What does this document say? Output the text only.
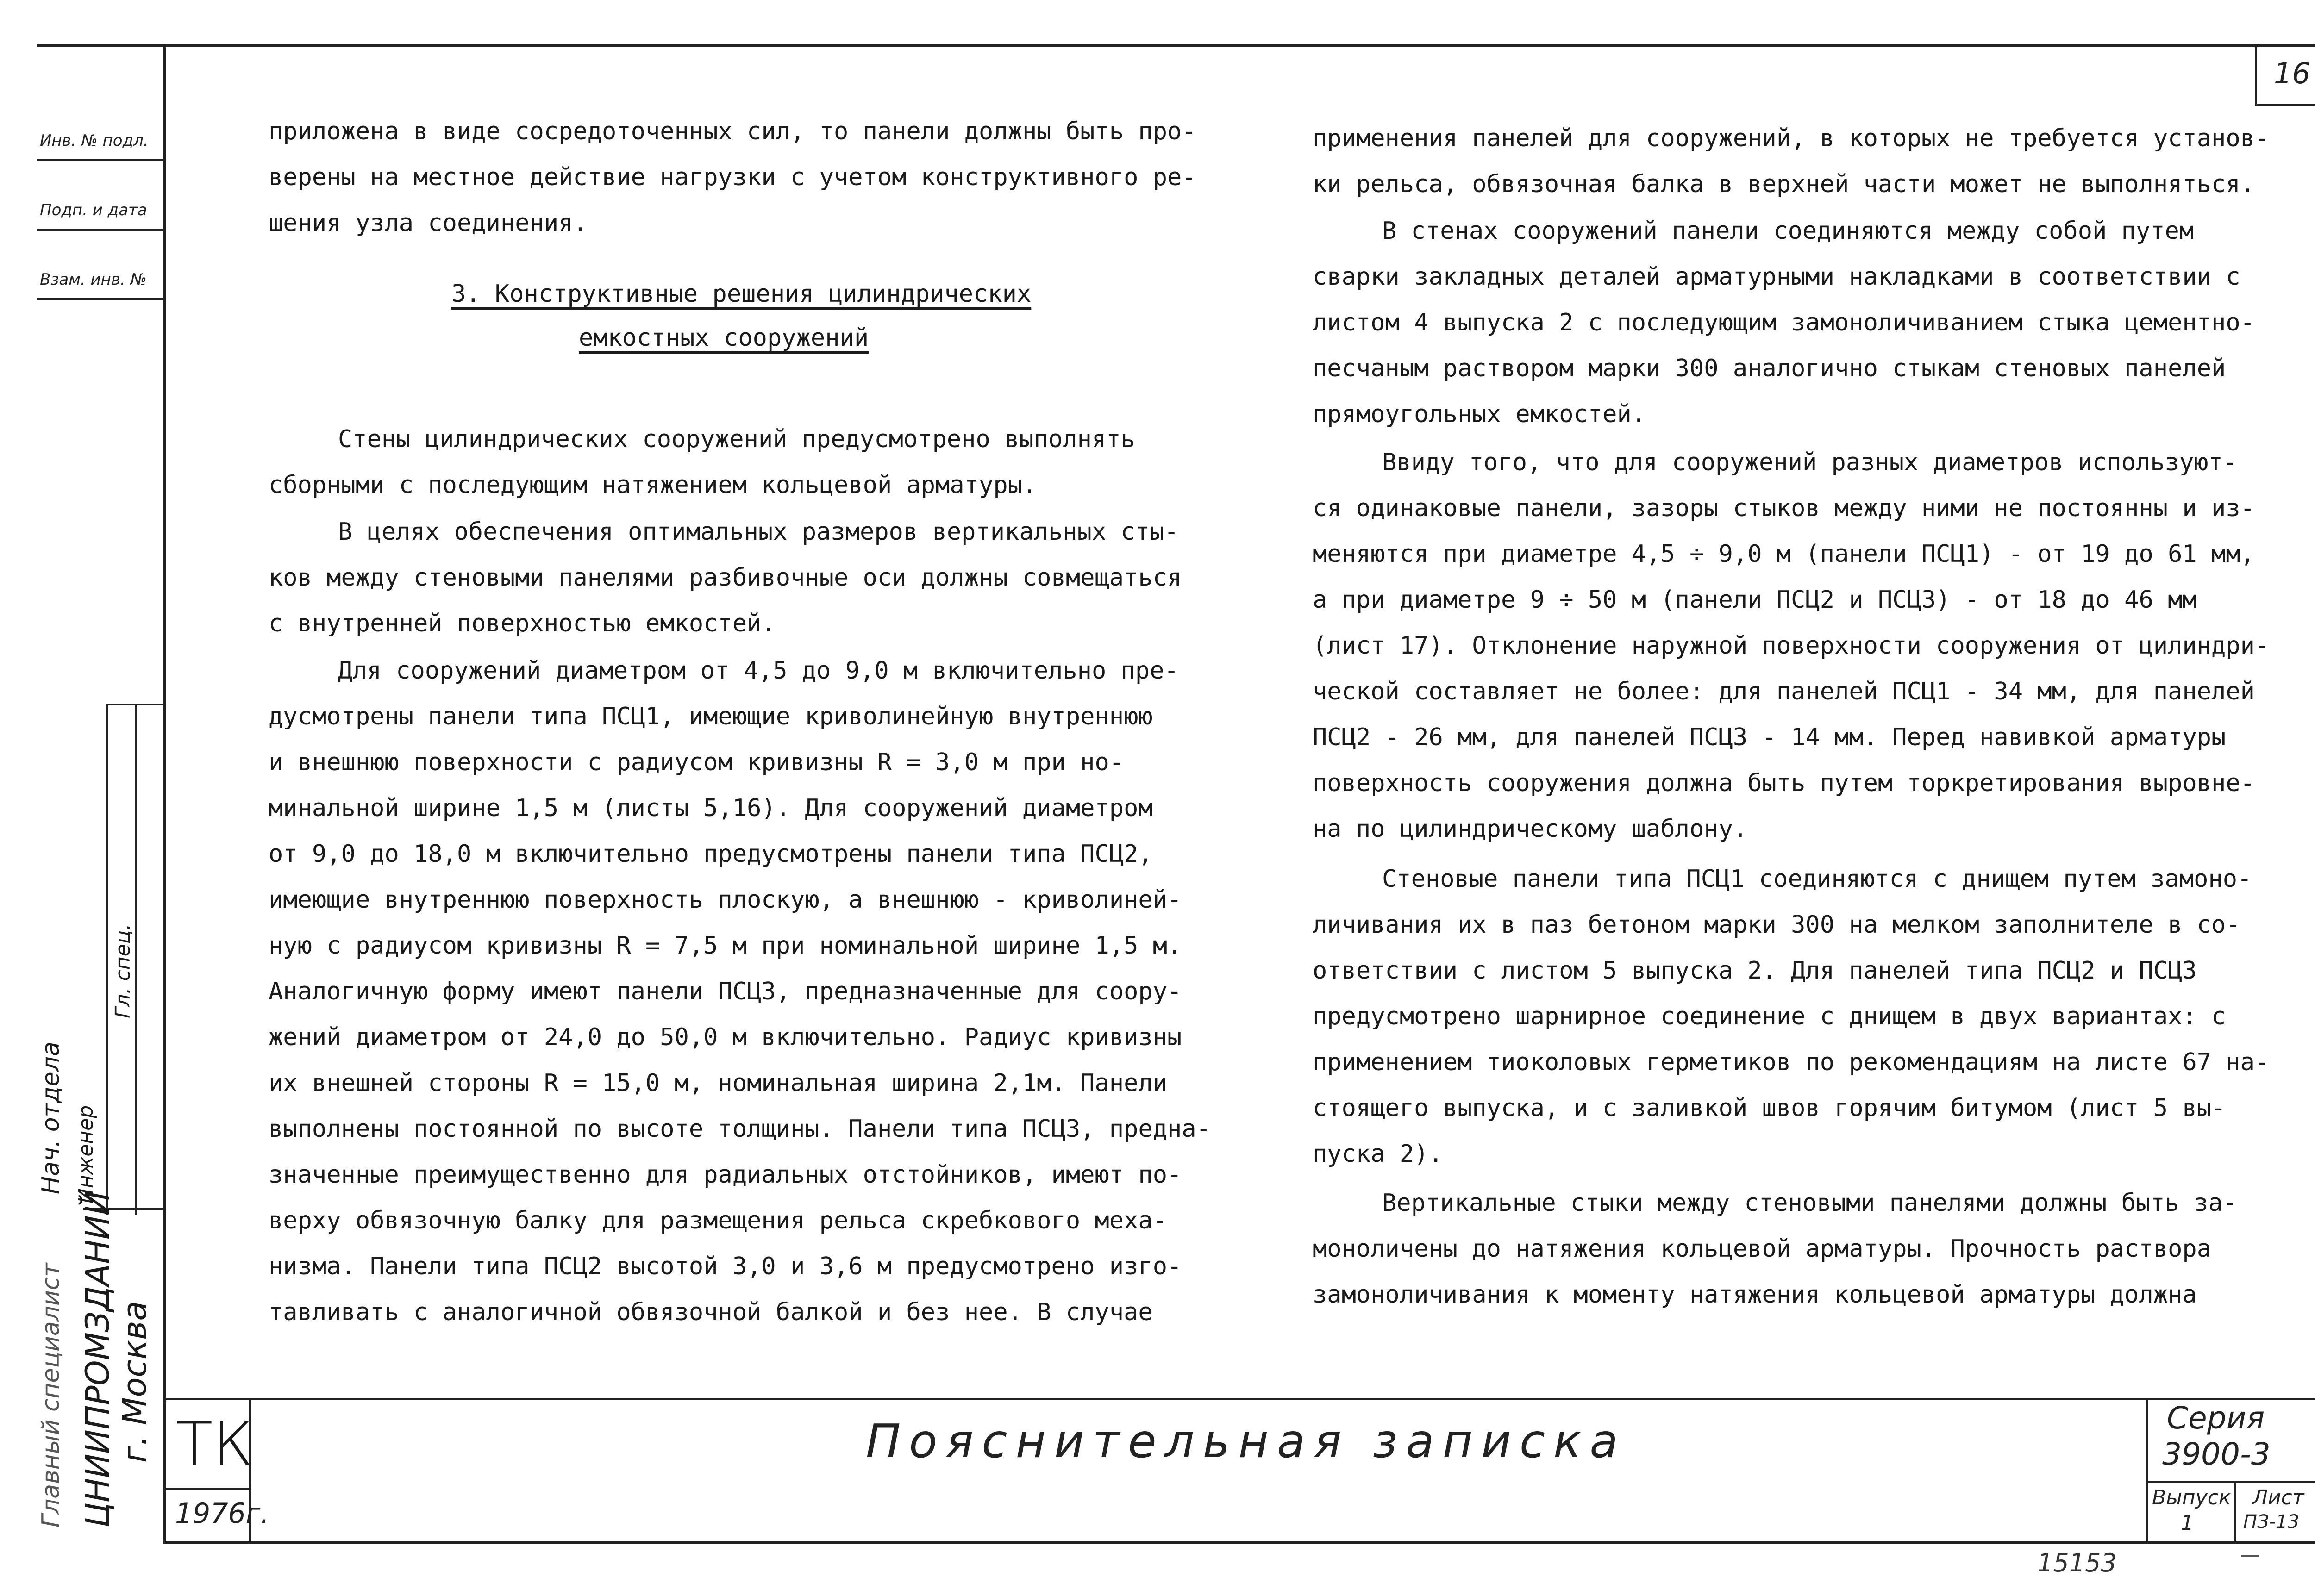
16
Инв. № подл.
Подп. и дата
Взам. инв. №
ЦНИИПРОМЗДАНИЙ
г. Москва
Главный специалист
Нач. отдела Инженер
Гл. спец.
приложена в виде сосредоточенных сил, то панели должны быть про-
верены на местное действие нагрузки с учетом конструктивного ре-
шения узла соединения.
3. Конструктивные решения цилиндрических
емкостных сооружений
Стены цилиндрических сооружений предусмотрено выполнять
сборными с последующим натяжением кольцевой арматуры.
В целях обеспечения оптимальных размеров вертикальных сты-
ков между стеновыми панелями разбивочные оси должны совмещаться
с внутренней поверхностью емкостей.
Для сооружений диаметром от 4,5 до 9,0 м включительно пре-
дусмотрены панели типа ПСЦ1, имеющие криволинейную внутреннюю
и внешнюю поверхности с радиусом кривизны R = 3,0 м при но-
минальной ширине 1,5 м (листы 5,16). Для сооружений диаметром
от 9,0 до 18,0 м включительно предусмотрены панели типа ПСЦ2,
имеющие внутреннюю поверхность плоскую, а внешнюю - криволиней-
ную с радиусом кривизны R = 7,5 м при номинальной ширине 1,5 м.
Аналогичную форму имеют панели ПСЦ3, предназначенные для соору-
жений диаметром от 24,0 до 50,0 м включительно. Радиус кривизны
их внешней стороны R = 15,0 м, номинальная ширина 2,1м. Панели
выполнены постоянной по высоте толщины. Панели типа ПСЦ3, предна-
значенные преимущественно для радиальных отстойников, имеют по-
верху обвязочную балку для размещения рельса скребкового меха-
низма. Панели типа ПСЦ2 высотой 3,0 и 3,6 м предусмотрено изго-
тавливать с аналогичной обвязочной балкой и без нее. В случае
применения панелей для сооружений, в которых не требуется установ-
ки рельса, обвязочная балка в верхней части может не выполняться.
В стенах сооружений панели соединяются между собой путем
сварки закладных деталей арматурными накладками в соответствии с
листом 4 выпуска 2 с последующим замоноличиванием стыка цементно-
песчаным раствором марки 300 аналогично стыкам стеновых панелей
прямоугольных емкостей.
Ввиду того, что для сооружений разных диаметров используют-
ся одинаковые панели, зазоры стыков между ними не постоянны и из-
меняются при диаметре 4,5 ÷ 9,0 м (панели ПСЦ1) - от 19 до 61 мм,
а при диаметре 9 ÷ 50 м (панели ПСЦ2 и ПСЦ3) - от 18 до 46 мм
(лист 17). Отклонение наружной поверхности сооружения от цилиндри-
ческой составляет не более: для панелей ПСЦ1 - 34 мм, для панелей
ПСЦ2 - 26 мм, для панелей ПСЦ3 - 14 мм. Перед навивкой арматуры
поверхность сооружения должна быть путем торкретирования выровне-
на по цилиндрическому шаблону.
Стеновые панели типа ПСЦ1 соединяются с днищем путем замоно-
личивания их в паз бетоном марки 300 на мелком заполнителе в со-
ответствии с листом 5 выпуска 2. Для панелей типа ПСЦ2 и ПСЦ3
предусмотрено шарнирное соединение с днищем в двух вариантах: с
применением тиоколовых герметиков по рекомендациям на листе 67 на-
стоящего выпуска, и с заливкой швов горячим битумом (лист 5 вы-
пуска 2).
Вертикальные стыки между стеновыми панелями должны быть за-
моноличены до натяжения кольцевой арматуры. Прочность раствора
замоноличивания к моменту натяжения кольцевой арматуры должна
ТК
1976г.
Пояснительная записка	Серия
3900-3
Выпуск
1
Лист
ПЗ-13
15153
